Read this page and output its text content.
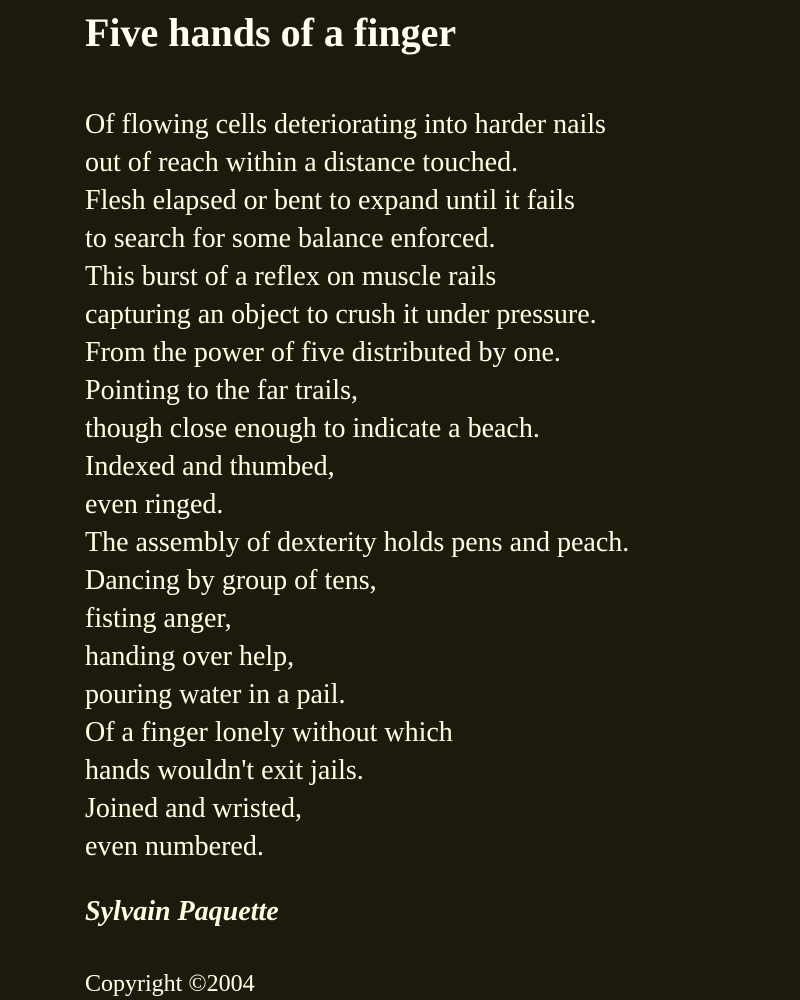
Five hands of a finger
Of flowing cells deteriorating into harder nails
out of reach within a distance touched.
Flesh elapsed or bent to expand until it fails
to search for some balance enforced.
This burst of a reflex on muscle rails
capturing an object to crush it under pressure.
From the power of five distributed by one.
Pointing to the far trails,
though close enough to indicate a beach.
Indexed and thumbed,
even ringed.
The assembly of dexterity holds pens and peach.
Dancing by group of tens,
fisting anger,
handing over help,
pouring water in a pail.
Of a finger lonely without which
hands wouldn't exit jails.
Joined and wristed,
even numbered.
Sylvain Paquette
Copyright ©2004
